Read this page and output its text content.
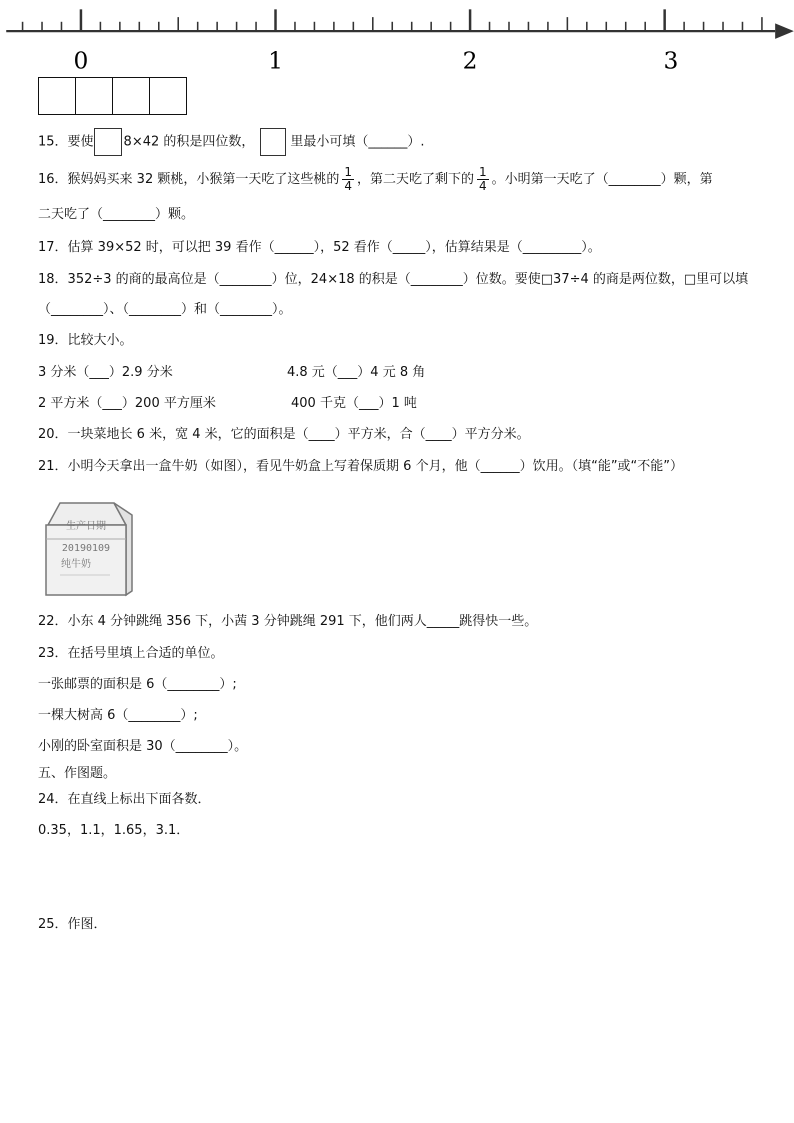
15．要使 8×42 的积是四位数，	里最小可填（______）.
16．猴妈妈买来 32 颗桃，小猴第一天吃了这些桃的 $\frac{1}{4}$ ，第二天吃了剩下的 $\frac{1}{4}$ 。小明第一天吃了（________）颗，第
二天吃了（________）颗。
17．估算 39×52 时，可以把 39 看作（______），52 看作（_____），估算结果是（_________）。
18．352÷3 的商的最高位是（________）位，24×18 的积是（________）位数。要使□37÷4 的商是两位数，□里可以填
（________）、（________）和（________）。
19．比较大小。
3 分米（___）2.9 分米	4.8 元（___）4 元 8 角
2 平方米（___）200 平方厘米	400 千克（___）1 吨
20．一块菜地长 6 米，宽 4 米，它的面积是（____）平方米，合（____）平方分米。
21．小明今天拿出一盒牛奶（如图），看见牛奶盒上写着保质期 6 个月，他（______）饮用。（填“能”或“不能”）
生产日期
20190109
纯牛奶
22．小东 4 分钟跳绳 356 下，小茜 3 分钟跳绳 291 下，他们两人_____跳得快一些。
23．在括号里填上合适的单位。
一张邮票的面积是 6（________）;
一棵大树高 6（________）;
小刚的卧室面积是 30（________）。
五、作图题。
24．在直线上标出下面各数．
0.35，1.1，1.65，3.1．
0	1	2	3
25．作图．
